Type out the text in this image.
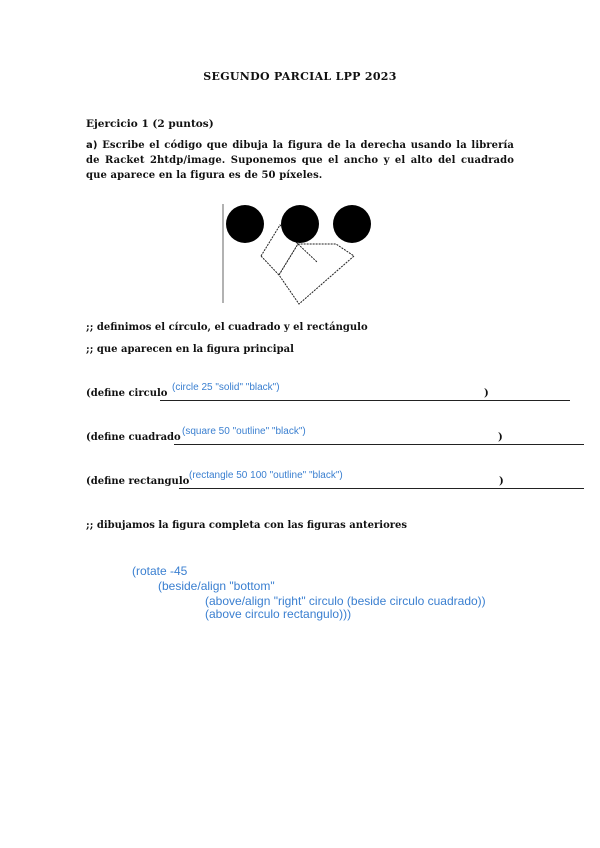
SEGUNDO PARCIAL LPP 2023
Ejercicio 1 (2 puntos)
a) Escribe el código que dibuja la figura de la derecha usando la librería de Racket 2htdp/image. Suponemos que el ancho y el alto del cuadrado que aparece en la figura es de 50 píxeles.
;; definimos el círculo, el cuadrado y el rectángulo
;; que aparecen en la figura principal
(define circulo
(circle 25 "solid" "black")
)
(define cuadrado
(square 50 "outline" "black")
)
(define rectangulo
(rectangle 50 100 "outline" "black")
)
;; dibujamos la figura completa con las figuras anteriores
(rotate -45
(beside/align "bottom"
(above/align "right" circulo (beside circulo cuadrado))
(above circulo rectangulo)))
